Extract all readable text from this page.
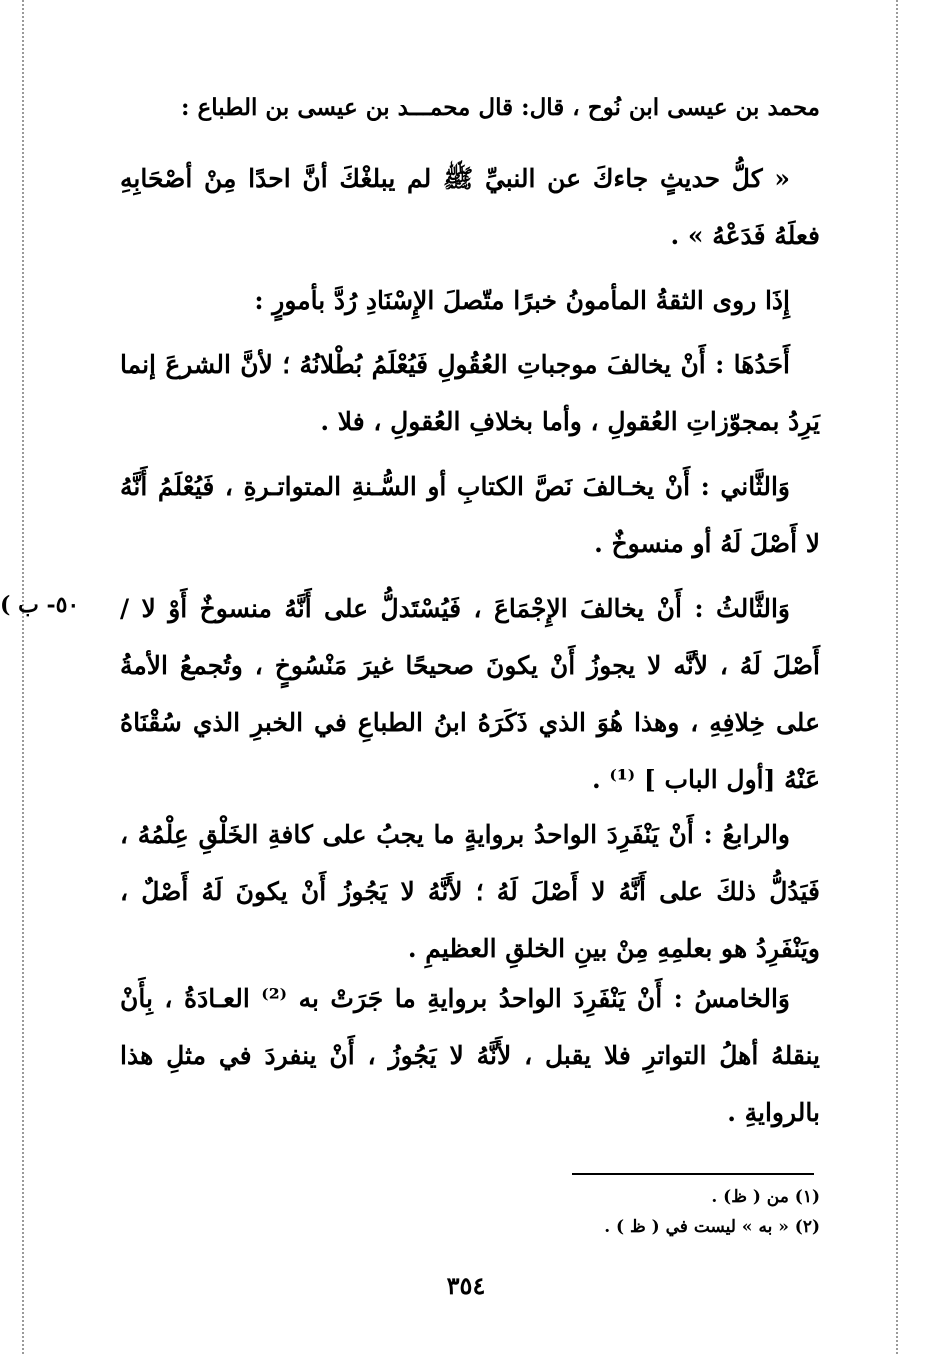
محمد بن عيسى ابن نُوح ، قال: قال محمـــد بن عيسى بن الطباع :
« كلُّ حديثٍ جاءكَ عن النبيِّ ﷺ لم يبلغْكَ أنَّ احدًا مِنْ أصْحَابِهِ فعلَهُ فَدَعْهُ » .
إِذَا روى الثقةُ المأمونُ خبرًا متّصلَ الإِسْنَادِ رُدَّ بأمورٍ :
أَحَدُهَا : أَنْ يخالفَ موجباتِ العُقُولِ فَيُعْلَمُ بُطْلانُهُ ؛ لأنَّ الشرعَ إنما يَرِدُ بمجوّزاتِ العُقولِ ، وأما بخلافِ العُقولِ ، فلا .
وَالثَّاني : أَنْ يخـالفَ نَصَّ الكتابِ أو السُّـنةِ المتواتـرةِ ، فَيُعْلَمُ أَنَّهُ لا أَصْلَ لَهُ أو منسوخٌ .
وَالثَّالثُ : أَنْ يخالفَ الإِجْمَاعَ ، فَيُسْتَدلُّ على أَنَّهُ منسوخٌ أَوْ لا / أَصْلَ لَهُ ، لأنَّه لا يجوزُ أَنْ يكونَ صحيحًا غيرَ مَنْسُوخٍ ، وتُجمعُ الأمةُ على خِلافِهِ ، وهذا هُوَ الذي ذَكَرَهُ ابنُ الطباعِ في الخبرِ الذي سُقْنَاهُ عَنْهُ [أول الباب ] ⁽¹⁾ .
٥٠- ب )
والرابعُ : أَنْ يَنْفَرِدَ الواحدُ بروايةٍ ما يجبُ على كافةِ الخَلْقِ عِلْمُهُ ، فَيَدُلُّ ذلكَ على أَنَّهُ لا أَصْلَ لَهُ ؛ لأَنَّهُ لا يَجُوزُ أَنْ يكونَ لَهُ أَصْلٌ ، ويَنْفَرِدُ هو بعلمِهِ مِنْ بينِ الخلقِ العظيمِ .
وَالخامسُ : أَنْ يَنْفَرِدَ الواحدُ بروايةِ ما جَرَتْ به ⁽²⁾ العـادَةُ ، بِأَنْ ينقلهُ أهلُ التواترِ فلا يقبل ، لأَنَّهُ لا يَجُوزُ ، أَنْ ينفردَ في مثلِ هذا بالروايةِ .
(١) من ( ظ) .
(٢) « به » ليست في ( ظ ) .
٣٥٤
